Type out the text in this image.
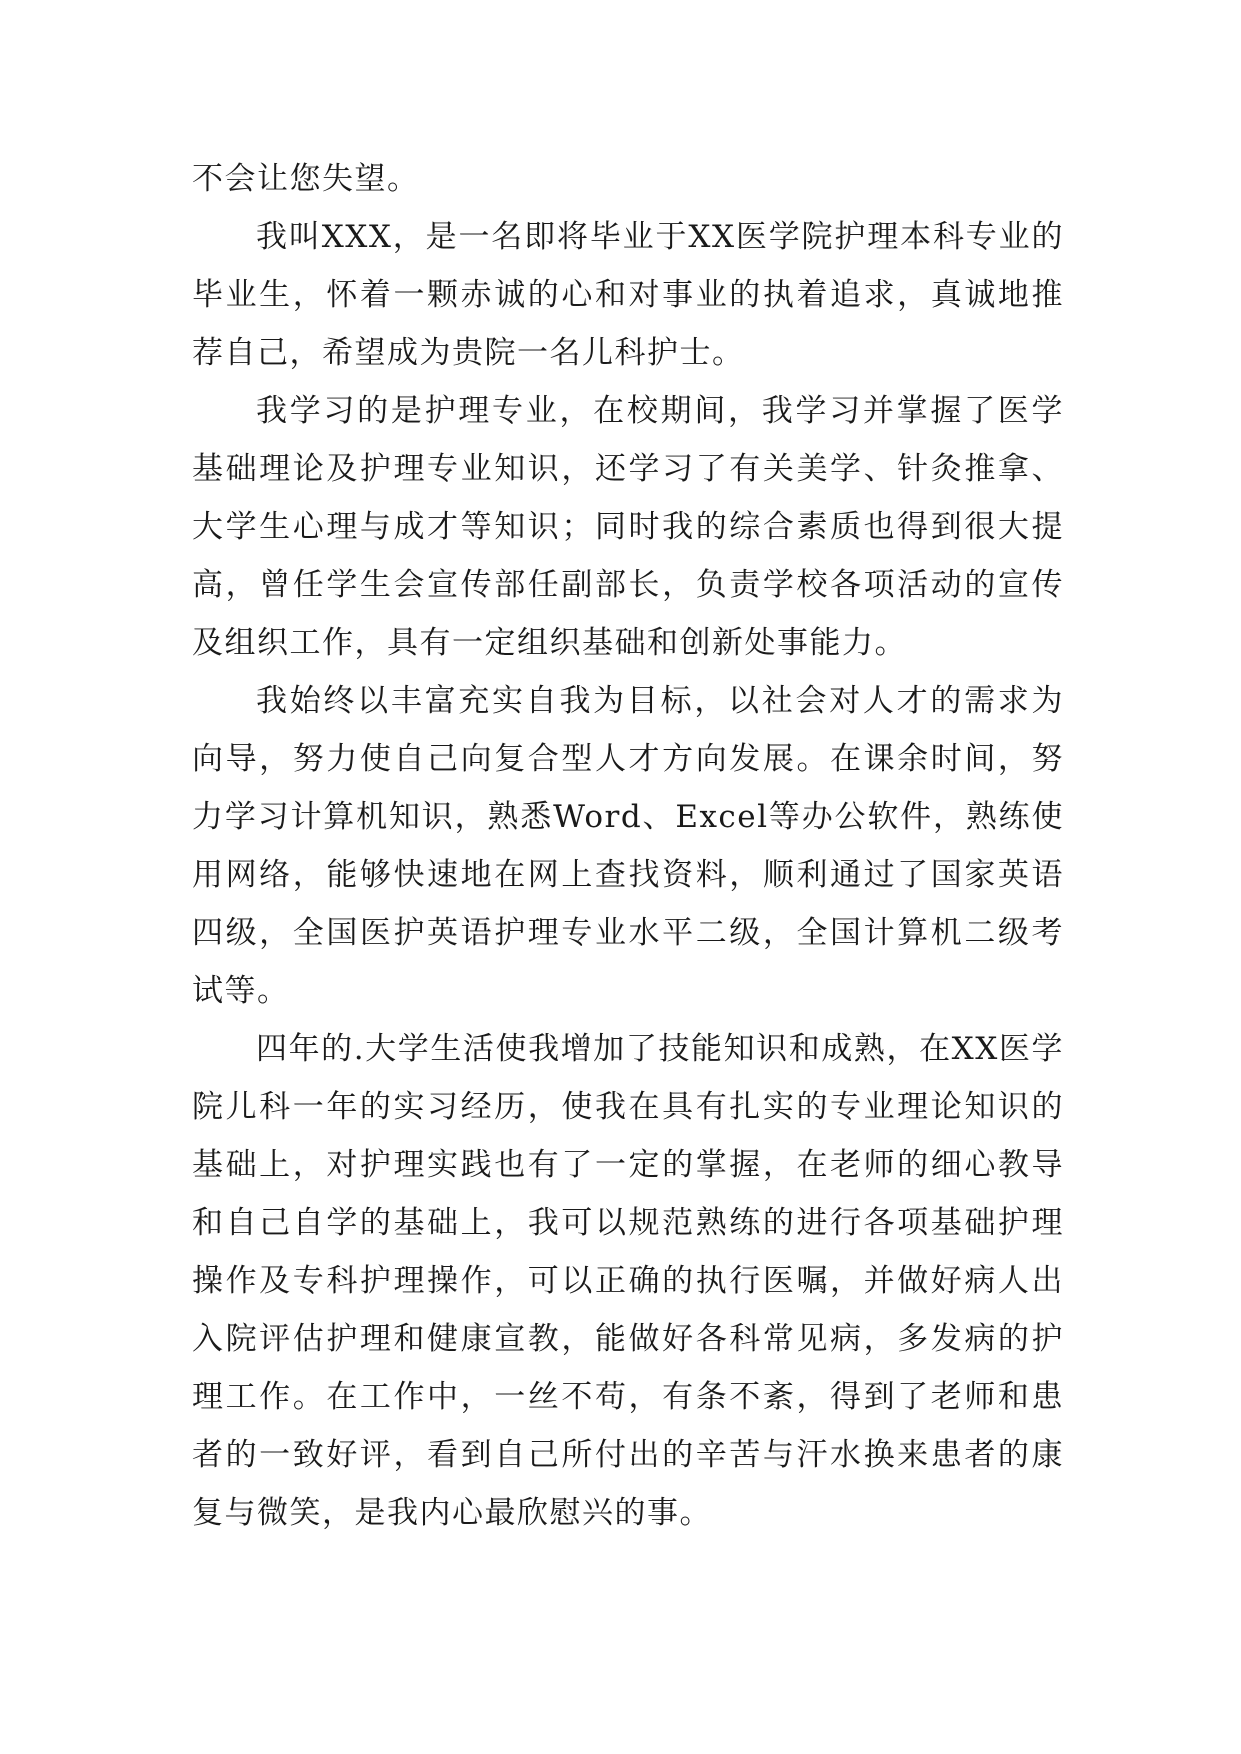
不会让您失望。

我叫XXX，是一名即将毕业于XX医学院护理本科专业的毕业生，怀着一颗赤诚的心和对事业的执着追求，真诚地推荐自己，希望成为贵院一名儿科护士。

我学习的是护理专业，在校期间，我学习并掌握了医学基础理论及护理专业知识，还学习了有关美学、针灸推拿、大学生心理与成才等知识；同时我的综合素质也得到很大提高，曾任学生会宣传部任副部长，负责学校各项活动的宣传及组织工作，具有一定组织基础和创新处事能力。

我始终以丰富充实自我为目标，以社会对人才的需求为向导，努力使自己向复合型人才方向发展。在课余时间，努力学习计算机知识，熟悉Word、Excel等办公软件，熟练使用网络，能够快速地在网上查找资料，顺利通过了国家英语四级，全国医护英语护理专业水平二级，全国计算机二级考试等。

四年的.大学生活使我增加了技能知识和成熟，在XX医学院儿科一年的实习经历，使我在具有扎实的专业理论知识的基础上，对护理实践也有了一定的掌握，在老师的细心教导和自己自学的基础上，我可以规范熟练的进行各项基础护理操作及专科护理操作，可以正确的执行医嘱，并做好病人出入院评估护理和健康宣教，能做好各科常见病，多发病的护理工作。在工作中，一丝不苟，有条不紊，得到了老师和患者的一致好评，看到自己所付出的辛苦与汗水换来患者的康复与微笑，是我内心最欣慰兴的事。
